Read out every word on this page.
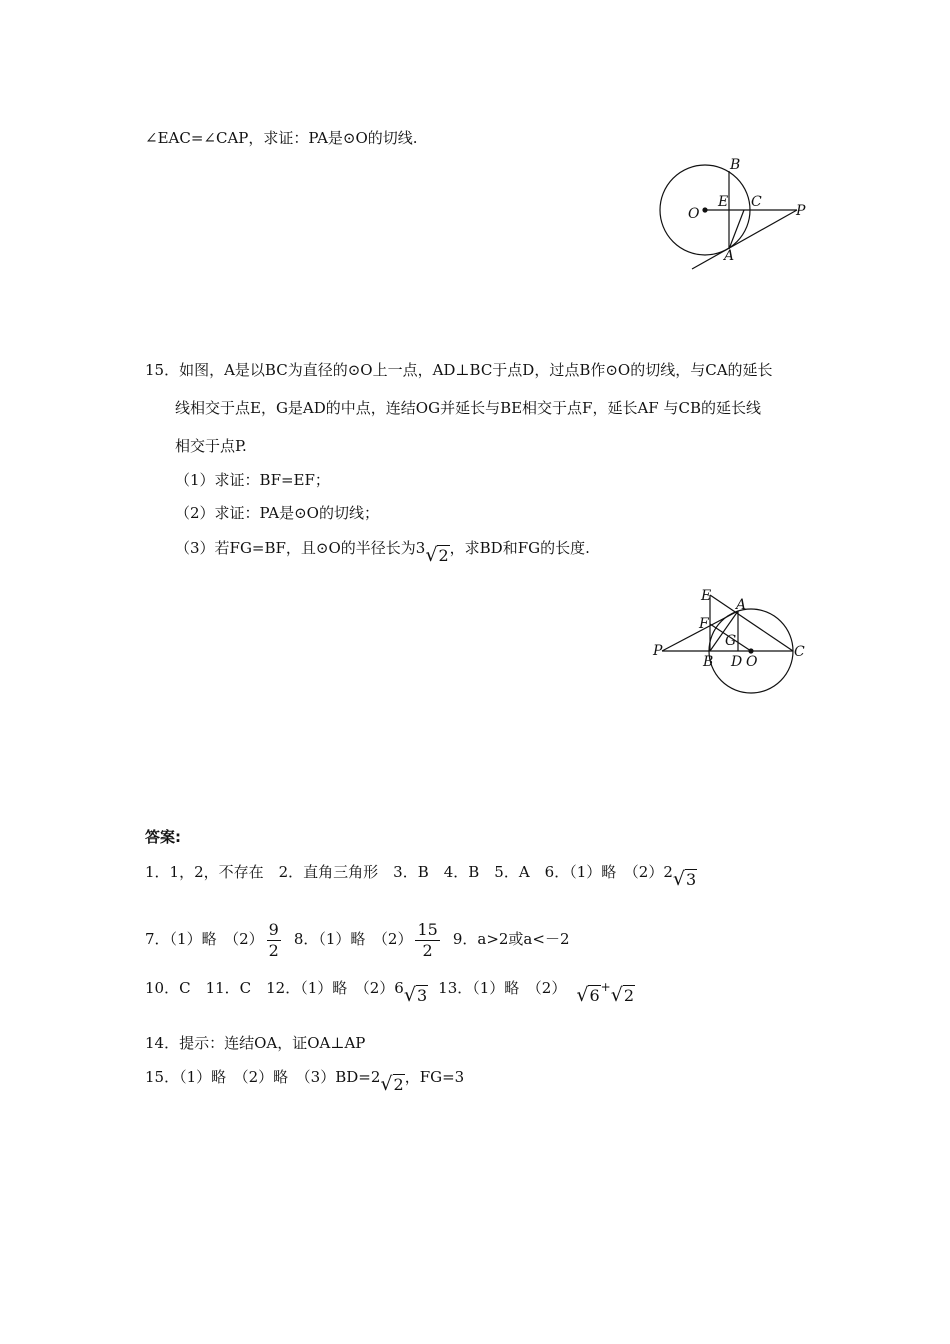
∠EAC=∠CAP，求证：PA是⊙O的切线.
B
E C
O	P
A
15．如图，A是以BC为直径的⊙O上一点，AD⊥BC于点D，过点B作⊙O的切线，与CA的延长
线相交于点E，G是AD的中点，连结OG并延长与BE相交于点F，延长AF 与CB的延长线
相交于点P.
（1）求证：BF=EF；
（2）求证：PA是⊙O的切线；
（3）若FG=BF，且⊙O的半径长为3√2，求BD和FG的长度.
E
A
F
G
P
B D O
C
答案:
1．1，2，不存在　2．直角三角形　3．B　4．B　5．A　6．（1）略　（2）2√3
7．（1）略　$(2) \frac{9}{2} 8$．（1）略　$(2) \frac{15}{2} 9$．a>2或a<－2
10．C　11．C　12．（1）略　（2）6√3 13．（1）略　（2） √6+√2
14．提示：连结OA，证OA⊥AP
15．（1）略　（2）略　（3）BD=2√2，FG=3
